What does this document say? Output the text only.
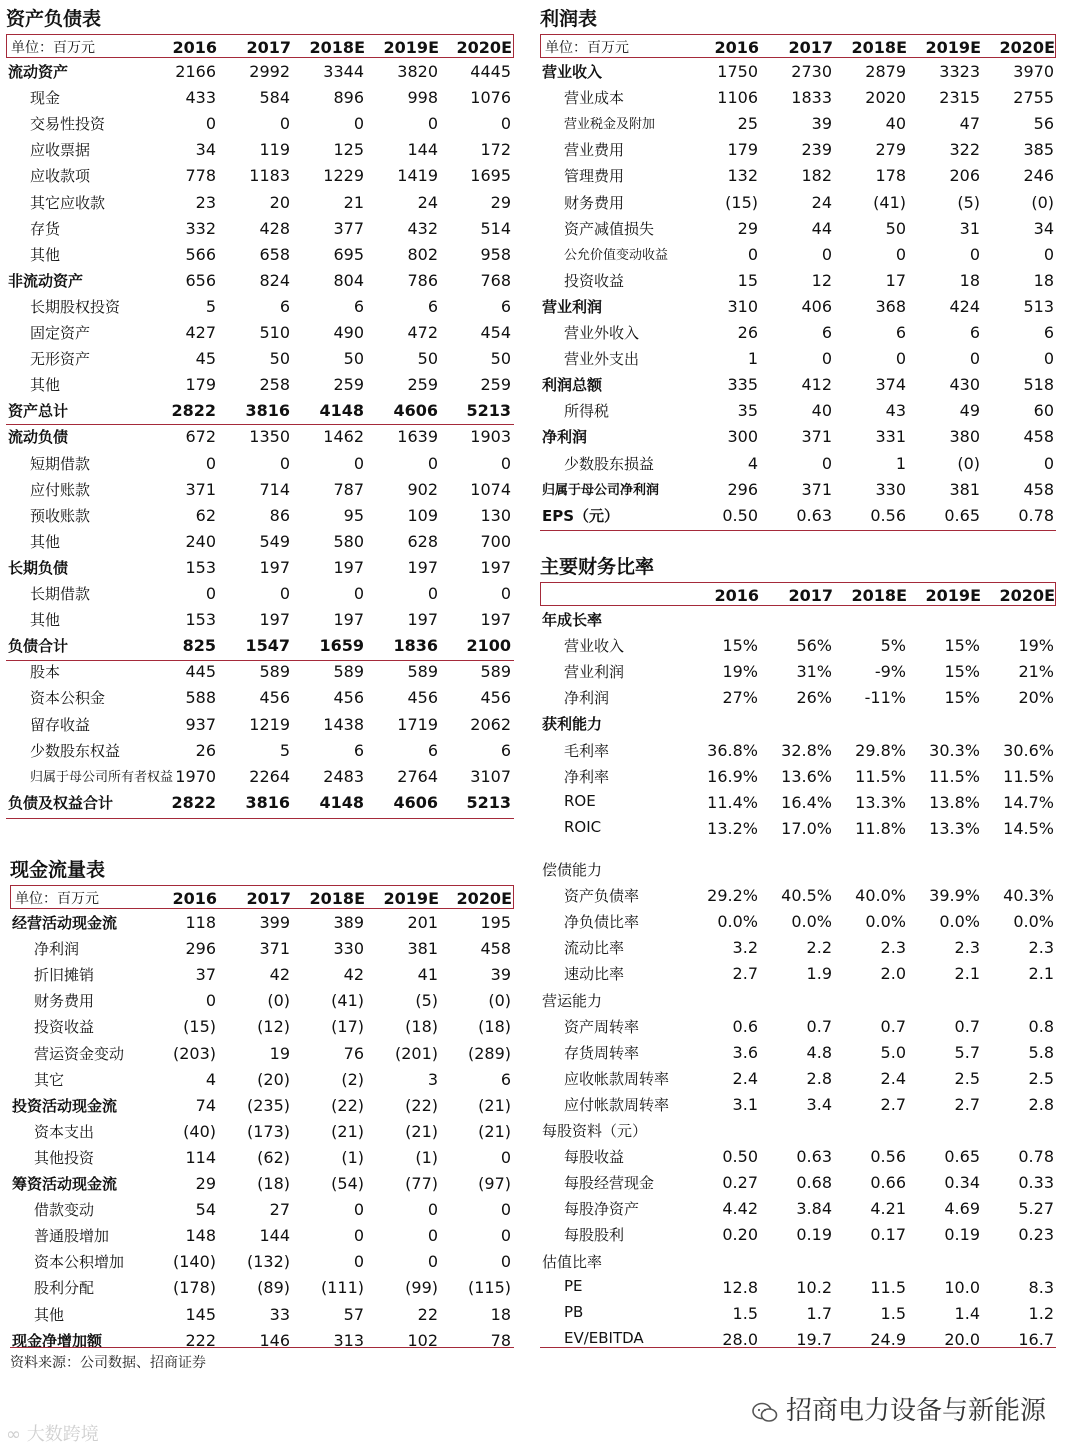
资产负债表
单位：百万元	2016	2017	2018E	2019E	2020E
流动资产	2166	2992	3344	3820	4445
现金	433	584	896	998	1076
交易性投资	0	0	0	0	0
应收票据	34	119	125	144	172
应收款项	778	1183	1229	1419	1695
其它应收款	23	20	21	24	29
存货	332	428	377	432	514
其他	566	658	695	802	958
非流动资产	656	824	804	786	768
长期股权投资	5	6	6	6	6
固定资产	427	510	490	472	454
无形资产	45	50	50	50	50
其他	179	258	259	259	259
资产总计	2822	3816	4148	4606	5213
流动负债	672	1350	1462	1639	1903
短期借款	0	0	0	0	0
应付账款	371	714	787	902	1074
预收账款	62	86	95	109	130
其他	240	549	580	628	700
长期负债	153	197	197	197	197
长期借款	0	0	0	0	0
其他	153	197	197	197	197
负债合计	825	1547	1659	1836	2100
股本	445	589	589	589	589
资本公积金	588	456	456	456	456
留存收益	937	1219	1438	1719	2062
少数股东权益	26	5	6	6	6
归属于母公司所有者权益 1970	2264	2483	2764	3107
负债及权益合计	2822	3816	4148	4606	5213
利润表
单位：百万元	2016	2017	2018E	2019E	2020E
营业收入	1750	2730	2879	3323	3970
营业成本	1106	1833	2020	2315	2755
营业税金及附加	25	39	40	47	56
营业费用	179	239	279	322	385
管理费用	132	182	178	206	246
财务费用	(15)	24	(41)	(5)	(0)
资产减值损失	29	44	50	31	34
公允价值变动收益	0	0	0	0	0
投资收益	15	12	17	18	18
营业利润	310	406	368	424	513
营业外收入	26	6	6	6	6
营业外支出	1	0	0	0	0
利润总额	335	412	374	430	518
所得税	35	40	43	49	60
净利润	300	371	331	380	458
少数股东损益	4	0	1	(0)	0
归属于母公司净利润	296	371	330	381	458
EPS（元）	0.50	0.63	0.56	0.65	0.78
主要财务比率
2016	2017	2018E	2019E	2020E
年成长率
营业收入	15%	56%	5%	15%	19%
营业利润	19%	31%	-9%	15%	21%
净利润	27%	26%	-11%	15%	20%
获利能力
毛利率	36.8%	32.8%	29.8%	30.3%	30.6%
净利率	16.9%	13.6%	11.5%	11.5%	11.5%
ROE	11.4%	16.4%	13.3%	13.8%	14.7%
ROIC	13.2%	17.0%	11.8%	13.3%	14.5%
偿债能力
资产负债率	29.2%	40.5%	40.0%	39.9%	40.3%
净负债比率	0.0%	0.0%	0.0%	0.0%	0.0%
流动比率	3.2	2.2	2.3	2.3	2.3
速动比率	2.7	1.9	2.0	2.1	2.1
营运能力
资产周转率	0.6	0.7	0.7	0.7	0.8
存货周转率	3.6	4.8	5.0	5.7	5.8
应收帐款周转率	2.4	2.8	2.4	2.5	2.5
应付帐款周转率	3.1	3.4	2.7	2.7	2.8
每股资料（元）
每股收益	0.50	0.63	0.56	0.65	0.78
每股经营现金	0.27	0.68	0.66	0.34	0.33
每股净资产	4.42	3.84	4.21	4.69	5.27
每股股利	0.20	0.19	0.17	0.19	0.23
估值比率
PE	12.8	10.2	11.5	10.0	8.3
PB	1.5	1.7	1.5	1.4	1.2
EV/EBITDA	28.0	19.7	24.9	20.0	16.7
现金流量表
单位：百万元	2016	2017	2018E	2019E	2020E
经营活动现金流	118	399	389	201	195
净利润	296	371	330	381	458
折旧摊销	37	42	42	41	39
财务费用	0	(0)	(41)	(5)	(0)
投资收益	(15)	(12)	(17)	(18)	(18)
营运资金变动	(203)	19	76	(201)	(289)
其它	4	(20)	(2)	3	6
投资活动现金流	74	(235)	(22)	(22)	(21)
资本支出	(40)	(173)	(21)	(21)	(21)
其他投资	114	(62)	(1)	(1)	0
筹资活动现金流	29	(18)	(54)	(77)	(97)
借款变动	54	27	0	0	0
普通股增加	148	144	0	0	0
资本公积增加	(140)	(132)	0	0	0
股利分配	(178)	(89)	(111)	(99)	(115)
其他	145	33	57	22	18
现金净增加额	222	146	313	102	78
资料来源：公司数据、招商证券
招商电力设备与新能源
∞ 大数跨境
